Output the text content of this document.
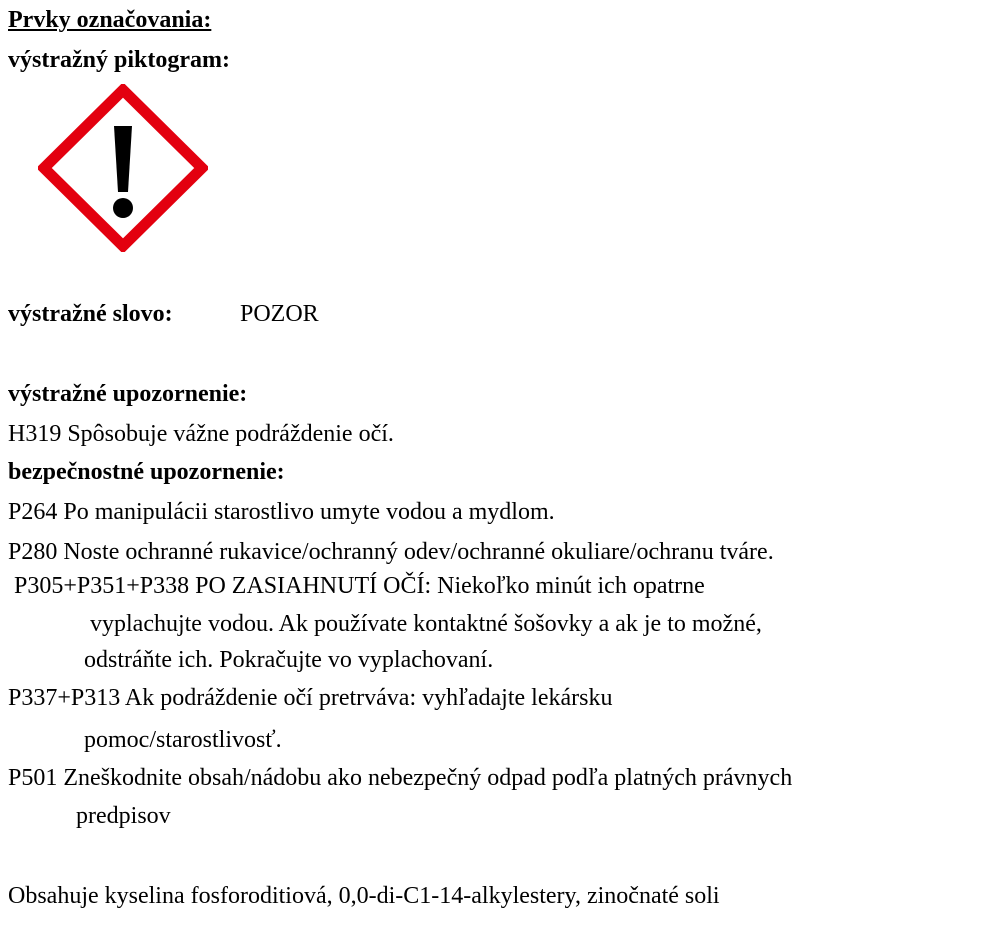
Prvky označovania:
výstražný piktogram:
výstražné slovo:	POZOR
výstražné upozornenie:
H319 Spôsobuje vážne podráždenie očí.
bezpečnostné upozornenie:
P264 Po manipulácii starostlivo umyte vodou a mydlom.
P280 Noste ochranné rukavice/ochranný odev/ochranné okuliare/ochranu tváre.
P305+P351+P338 PO ZASIAHNUTÍ OČÍ: Niekoľko minút ich opatrne
vyplachujte vodou. Ak používate kontaktné šošovky a ak je to možné,
odstráňte ich. Pokračujte vo vyplachovaní.
P337+P313 Ak podráždenie očí pretrváva: vyhľadajte lekársku
pomoc/starostlivosť.
P501 Zneškodnite obsah/nádobu ako nebezpečný odpad podľa platných právnych
predpisov
Obsahuje kyselina fosforoditiová, 0,0-di-C1-14-alkylestery, zinočnaté soli
